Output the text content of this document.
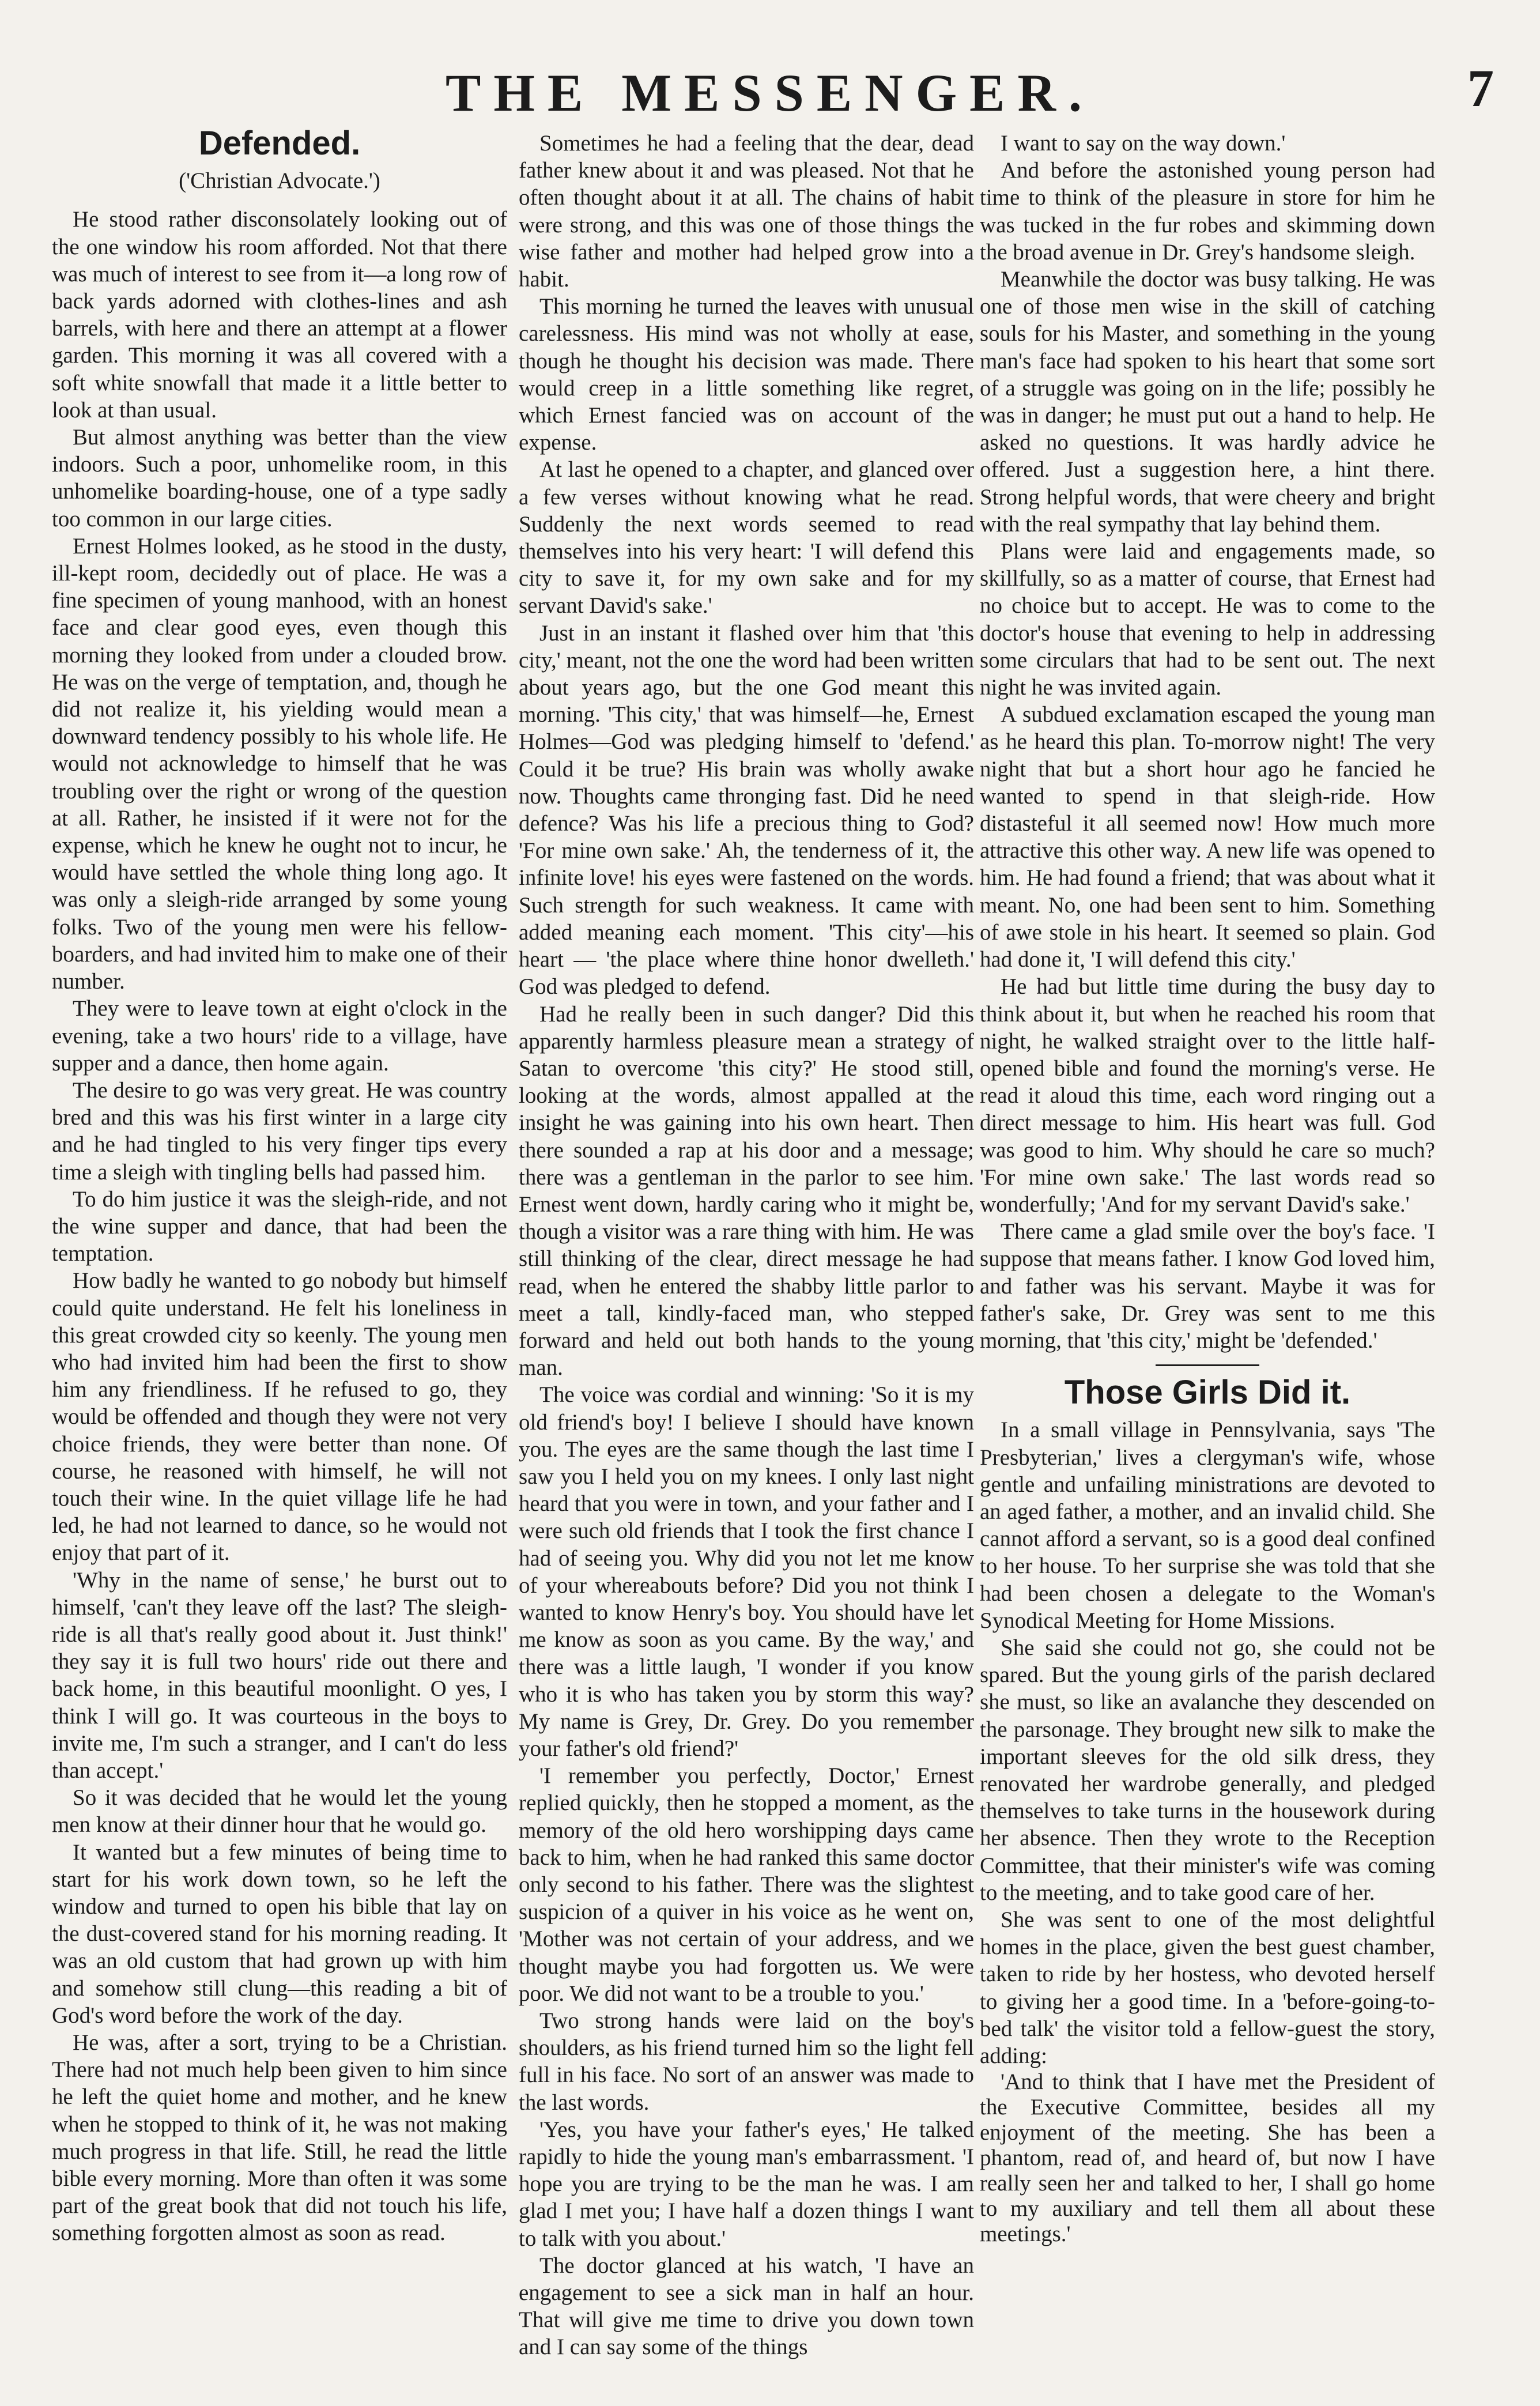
THE MESSENGER.	7
Defended.

('Christian Advocate.')

He stood rather disconsolately looking out of the one window his room afforded. Not that there was much of interest to see from it—a long row of back yards adorned with clothes-lines and ash barrels, with here and there an attempt at a flower garden. This morning it was all covered with a soft white snowfall that made it a little better to look at than usual.

But almost anything was better than the view indoors. Such a poor, unhomelike room, in this unhomelike boarding-house, one of a type sadly too common in our large cities.

Ernest Holmes looked, as he stood in the dusty, ill-kept room, decidedly out of place. He was a fine specimen of young manhood, with an honest face and clear good eyes, even though this morning they looked from under a clouded brow. He was on the verge of temptation, and, though he did not realize it, his yielding would mean a downward tendency possibly to his whole life. He would not acknowledge to himself that he was troubling over the right or wrong of the question at all. Rather, he insisted if it were not for the expense, which he knew he ought not to incur, he would have settled the whole thing long ago. It was only a sleigh-ride arranged by some young folks. Two of the young men were his fellow-boarders, and had invited him to make one of their number.

They were to leave town at eight o'clock in the evening, take a two hours' ride to a village, have supper and a dance, then home again.

The desire to go was very great. He was country bred and this was his first winter in a large city and he had tingled to his very finger tips every time a sleigh with tingling bells had passed him.

To do him justice it was the sleigh-ride, and not the wine supper and dance, that had been the temptation.

How badly he wanted to go nobody but himself could quite understand. He felt his loneliness in this great crowded city so keenly. The young men who had invited him had been the first to show him any friendliness. If he refused to go, they would be offended and though they were not very choice friends, they were better than none. Of course, he reasoned with himself, he will not touch their wine. In the quiet village life he had led, he had not learned to dance, so he would not enjoy that part of it.

'Why in the name of sense,' he burst out to himself, 'can't they leave off the last? The sleigh-ride is all that's really good about it. Just think!' they say it is full two hours' ride out there and back home, in this beautiful moonlight. O yes, I think I will go. It was courteous in the boys to invite me, I'm such a stranger, and I can't do less than accept.'

So it was decided that he would let the young men know at their dinner hour that he would go.

It wanted but a few minutes of being time to start for his work down town, so he left the window and turned to open his bible that lay on the dust-covered stand for his morning reading. It was an old custom that had grown up with him and somehow still clung—this reading a bit of God's word before the work of the day.

He was, after a sort, trying to be a Christian. There had not much help been given to him since he left the quiet home and mother, and he knew when he stopped to think of it, he was not making much progress in that life. Still, he read the little bible every morning. More than often it was some part of the great book that did not touch his life, something forgotten almost as soon as read.

Sometimes he had a feeling that the dear, dead father knew about it and was pleased. Not that he often thought about it at all. The chains of habit were strong, and this was one of those things the wise father and mother had helped grow into a habit.

This morning he turned the leaves with unusual carelessness. His mind was not wholly at ease, though he thought his decision was made. There would creep in a little something like regret, which Ernest fancied was on account of the expense.

At last he opened to a chapter, and glanced over a few verses without knowing what he read. Suddenly the next words seemed to read themselves into his very heart: 'I will defend this city to save it, for my own sake and for my servant David's sake.'

Just in an instant it flashed over him that 'this city,' meant, not the one the word had been written about years ago, but the one God meant this morning. 'This city,' that was himself—he, Ernest Holmes—God was pledging himself to 'defend.' Could it be true? His brain was wholly awake now. Thoughts came thronging fast. Did he need defence? Was his life a precious thing to God? 'For mine own sake.' Ah, the tenderness of it, the infinite love! his eyes were fastened on the words. Such strength for such weakness. It came with added meaning each moment. 'This city'—his heart — 'the place where thine honor dwelleth.' God was pledged to defend.

Had he really been in such danger? Did this apparently harmless pleasure mean a strategy of Satan to overcome 'this city?' He stood still, looking at the words, almost appalled at the insight he was gaining into his own heart. Then there sounded a rap at his door and a message; there was a gentleman in the parlor to see him. Ernest went down, hardly caring who it might be, though a visitor was a rare thing with him. He was still thinking of the clear, direct message he had read, when he entered the shabby little parlor to meet a tall, kindly-faced man, who stepped forward and held out both hands to the young man.

The voice was cordial and winning: 'So it is my old friend's boy! I believe I should have known you. The eyes are the same though the last time I saw you I held you on my knees. I only last night heard that you were in town, and your father and I were such old friends that I took the first chance I had of seeing you. Why did you not let me know of your whereabouts before? Did you not think I wanted to know Henry's boy. You should have let me know as soon as you came. By the way,' and there was a little laugh, 'I wonder if you know who it is who has taken you by storm this way? My name is Grey, Dr. Grey. Do you remember your father's old friend?'

'I remember you perfectly, Doctor,' Ernest replied quickly, then he stopped a moment, as the memory of the old hero worshipping days came back to him, when he had ranked this same doctor only second to his father. There was the slightest suspicion of a quiver in his voice as he went on, 'Mother was not certain of your address, and we thought maybe you had forgotten us. We were poor. We did not want to be a trouble to you.'

Two strong hands were laid on the boy's shoulders, as his friend turned him so the light fell full in his face. No sort of an answer was made to the last words.

'Yes, you have your father's eyes,' He talked rapidly to hide the young man's embarrassment. 'I hope you are trying to be the man he was. I am glad I met you; I have half a dozen things I want to talk with you about.'

The doctor glanced at his watch, 'I have an engagement to see a sick man in half an hour. That will give me time to drive you down town and I can say some of the things

I want to say on the way down.'

And before the astonished young person had time to think of the pleasure in store for him he was tucked in the fur robes and skimming down the broad avenue in Dr. Grey's handsome sleigh.

Meanwhile the doctor was busy talking. He was one of those men wise in the skill of catching souls for his Master, and something in the young man's face had spoken to his heart that some sort of a struggle was going on in the life; possibly he was in danger; he must put out a hand to help. He asked no questions. It was hardly advice he offered. Just a suggestion here, a hint there. Strong helpful words, that were cheery and bright with the real sympathy that lay behind them.

Plans were laid and engagements made, so skillfully, so as a matter of course, that Ernest had no choice but to accept. He was to come to the doctor's house that evening to help in addressing some circulars that had to be sent out. The next night he was invited again.

A subdued exclamation escaped the young man as he heard this plan. To-morrow night! The very night that but a short hour ago he fancied he wanted to spend in that sleigh-ride. How distasteful it all seemed now! How much more attractive this other way. A new life was opened to him. He had found a friend; that was about what it meant. No, one had been sent to him. Something of awe stole in his heart. It seemed so plain. God had done it, 'I will defend this city.'

He had but little time during the busy day to think about it, but when he reached his room that night, he walked straight over to the little half-opened bible and found the morning's verse. He read it aloud this time, each word ringing out a direct message to him. His heart was full. God was good to him. Why should he care so much? 'For mine own sake.' The last words read so wonderfully; 'And for my servant David's sake.'

There came a glad smile over the boy's face. 'I suppose that means father. I know God loved him, and father was his servant. Maybe it was for father's sake, Dr. Grey was sent to me this morning, that 'this city,' might be 'defended.'

Those Girls Did it.

In a small village in Pennsylvania, says 'The Presbyterian,' lives a clergyman's wife, whose gentle and unfailing ministrations are devoted to an aged father, a mother, and an invalid child. She cannot afford a servant, so is a good deal confined to her house. To her surprise she was told that she had been chosen a delegate to the Woman's Synodical Meeting for Home Missions.

She said she could not go, she could not be spared. But the young girls of the parish declared she must, so like an avalanche they descended on the parsonage. They brought new silk to make the important sleeves for the old silk dress, they renovated her wardrobe generally, and pledged themselves to take turns in the housework during her absence. Then they wrote to the Reception Committee, that their minister's wife was coming to the meeting, and to take good care of her.

She was sent to one of the most delightful homes in the place, given the best guest chamber, taken to ride by her hostess, who devoted herself to giving her a good time. In a 'before-going-to-bed talk' the visitor told a fellow-guest the story, adding:

'And to think that I have met the President of the Executive Committee, besides all my enjoyment of the meeting. She has been a phantom, read of, and heard of, but now I have really seen her and talked to her, I shall go home to my auxiliary and tell them all about these meetings.'
